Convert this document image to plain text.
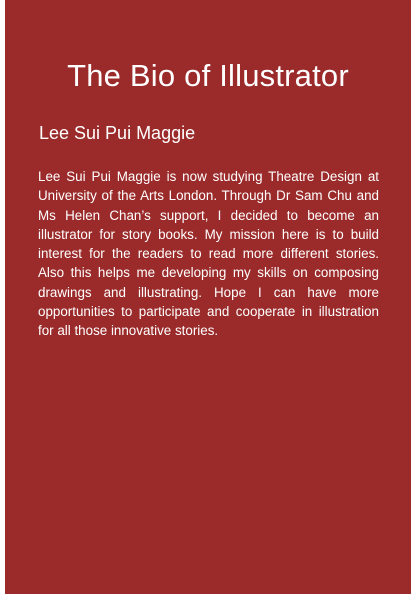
The Bio of Illustrator
Lee Sui Pui Maggie

Lee Sui Pui Maggie is now studying Theatre Design at University of the Arts London. Through Dr Sam Chu and Ms Helen Chan’s support, I decided to become an illustrator for story books. My mission here is to build interest for the readers to read more different stories. Also this helps me developing my skills on composing drawings and illustrating. Hope I can have more opportunities to participate and cooperate in illustration for all those innovative stories.
